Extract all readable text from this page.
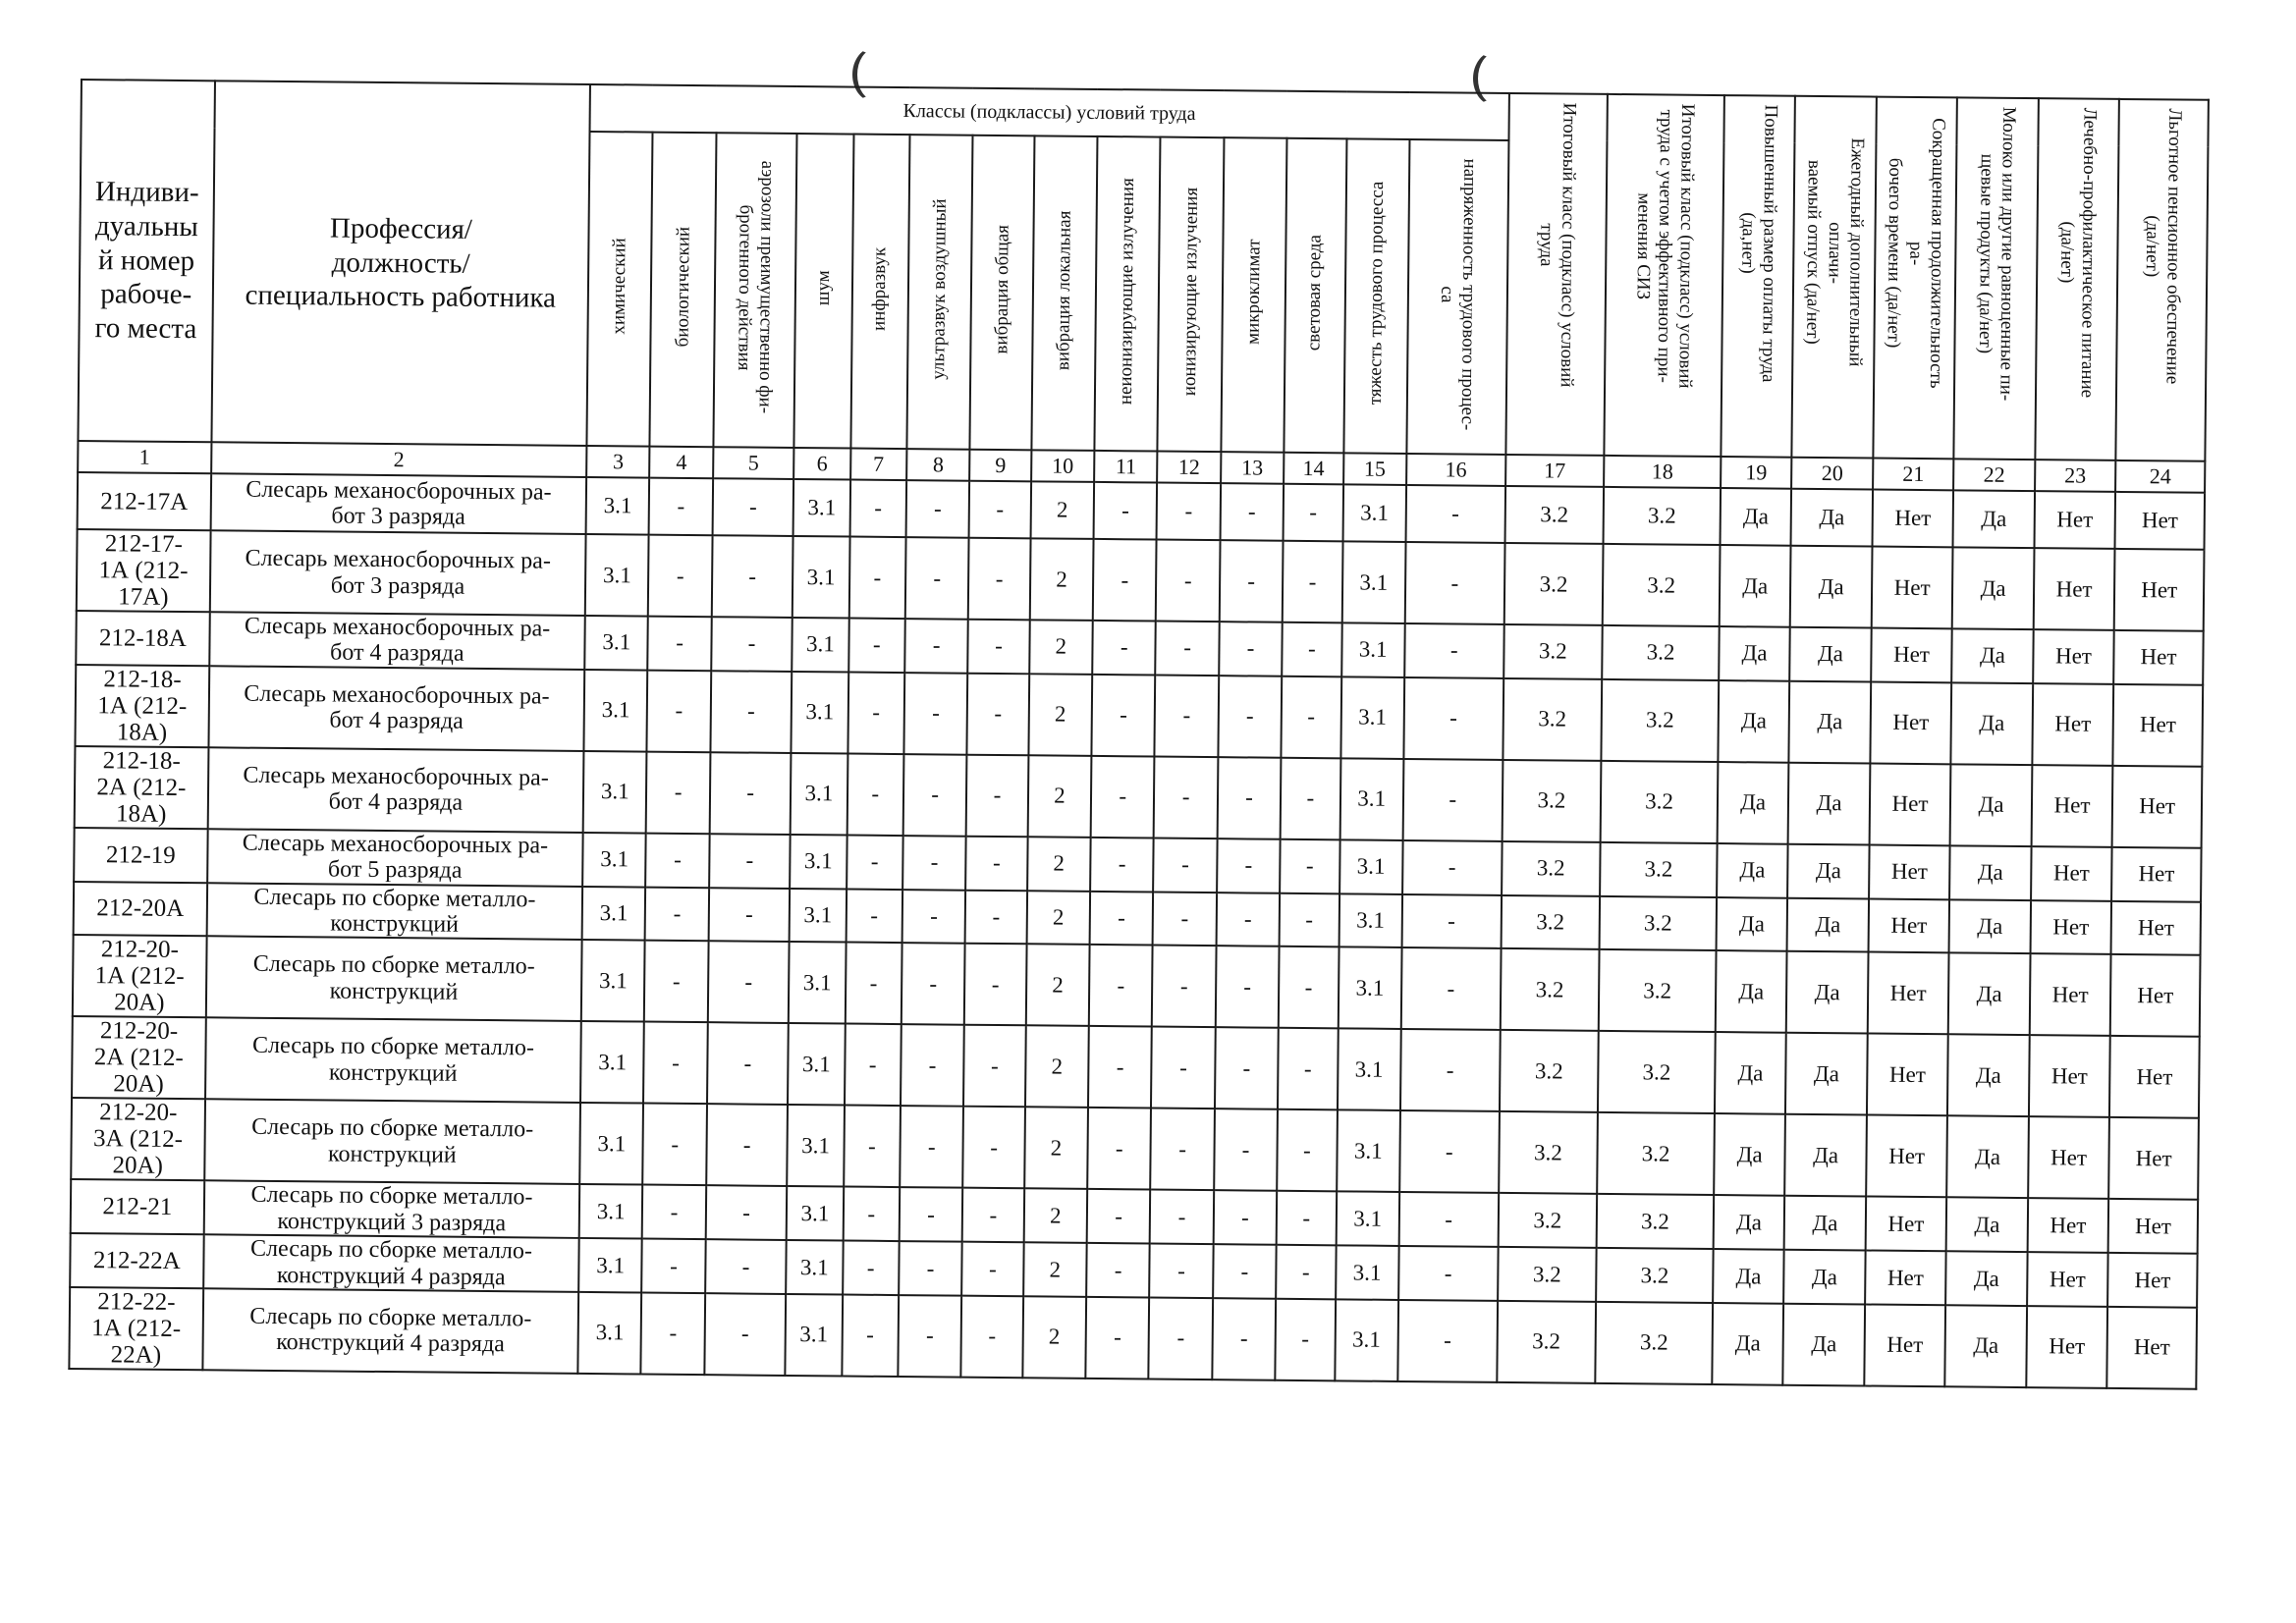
Индиви-
дуальны
й номер
рабоче-
го места	Профессия/
должность/
специальность работника	Классы (подклассы) условий труда														Итоговый класс (подкласс) условий
труда	Итоговый класс (подкласс) условий
труда с учетом эффективного при-
менения СИЗ	Повышенный размер оплаты труда
(да,нет)	Ежегодный дополнительный оплачи-
ваемый отпуск (да/нет)	Сокращенная продолжительность ра-
бочего времени (да/нет)	Молоко или другие равноценные пи-
щевые продукты (да/нет)	Лечебно-профилактическое питание
(да/нет)	Льготное пенсионное обеспечение
(да/нет)
		химический	биологический	аэрозоли преимущественно фи-
брогенного действия	шум	инфразвук	ультразвук воздушный	вибрация общая	вибрация локальная	неионизирующие излучения	ионизирующие излучения	микроклимат	световая среда	тяжесть трудового процесса	напряженность трудового процес-
са								
1	2	3	4	5	6	7	8	9	10	11	12	13	14	15	16	17	18	19	20	21	22	23	24
212-17А	Слесарь механосборочных ра-
бот 3 разряда	3.1	-	-	3.1	-	-	-	2	-	-	-	-	3.1	-	3.2	3.2	Да	Да	Нет	Да	Нет	Нет
212-17-
1А (212-
17А)	Слесарь механосборочных ра-
бот 3 разряда	3.1	-	-	3.1	-	-	-	2	-	-	-	-	3.1	-	3.2	3.2	Да	Да	Нет	Да	Нет	Нет
212-18А	Слесарь механосборочных ра-
бот 4 разряда	3.1	-	-	3.1	-	-	-	2	-	-	-	-	3.1	-	3.2	3.2	Да	Да	Нет	Да	Нет	Нет
212-18-
1А (212-
18А)	Слесарь механосборочных ра-
бот 4 разряда	3.1	-	-	3.1	-	-	-	2	-	-	-	-	3.1	-	3.2	3.2	Да	Да	Нет	Да	Нет	Нет
212-18-
2А (212-
18А)	Слесарь механосборочных ра-
бот 4 разряда	3.1	-	-	3.1	-	-	-	2	-	-	-	-	3.1	-	3.2	3.2	Да	Да	Нет	Да	Нет	Нет
212-19	Слесарь механосборочных ра-
бот 5 разряда	3.1	-	-	3.1	-	-	-	2	-	-	-	-	3.1	-	3.2	3.2	Да	Да	Нет	Да	Нет	Нет
212-20А	Слесарь по сборке металло-
конструкций	3.1	-	-	3.1	-	-	-	2	-	-	-	-	3.1	-	3.2	3.2	Да	Да	Нет	Да	Нет	Нет
212-20-
1А (212-
20А)	Слесарь по сборке металло-
конструкций	3.1	-	-	3.1	-	-	-	2	-	-	-	-	3.1	-	3.2	3.2	Да	Да	Нет	Да	Нет	Нет
212-20-
2А (212-
20А)	Слесарь по сборке металло-
конструкций	3.1	-	-	3.1	-	-	-	2	-	-	-	-	3.1	-	3.2	3.2	Да	Да	Нет	Да	Нет	Нет
212-20-
3А (212-
20А)	Слесарь по сборке металло-
конструкций	3.1	-	-	3.1	-	-	-	2	-	-	-	-	3.1	-	3.2	3.2	Да	Да	Нет	Да	Нет	Нет
212-21	Слесарь по сборке металло-
конструкций 3 разряда	3.1	-	-	3.1	-	-	-	2	-	-	-	-	3.1	-	3.2	3.2	Да	Да	Нет	Да	Нет	Нет
212-22А	Слесарь по сборке металло-
конструкций 4 разряда	3.1	-	-	3.1	-	-	-	2	-	-	-	-	3.1	-	3.2	3.2	Да	Да	Нет	Да	Нет	Нет
212-22-
1А (212-
22А)	Слесарь по сборке металло-
конструкций 4 разряда	3.1	-	-	3.1	-	-	-	2	-	-	-	-	3.1	-	3.2	3.2	Да	Да	Нет	Да	Нет	Нет
